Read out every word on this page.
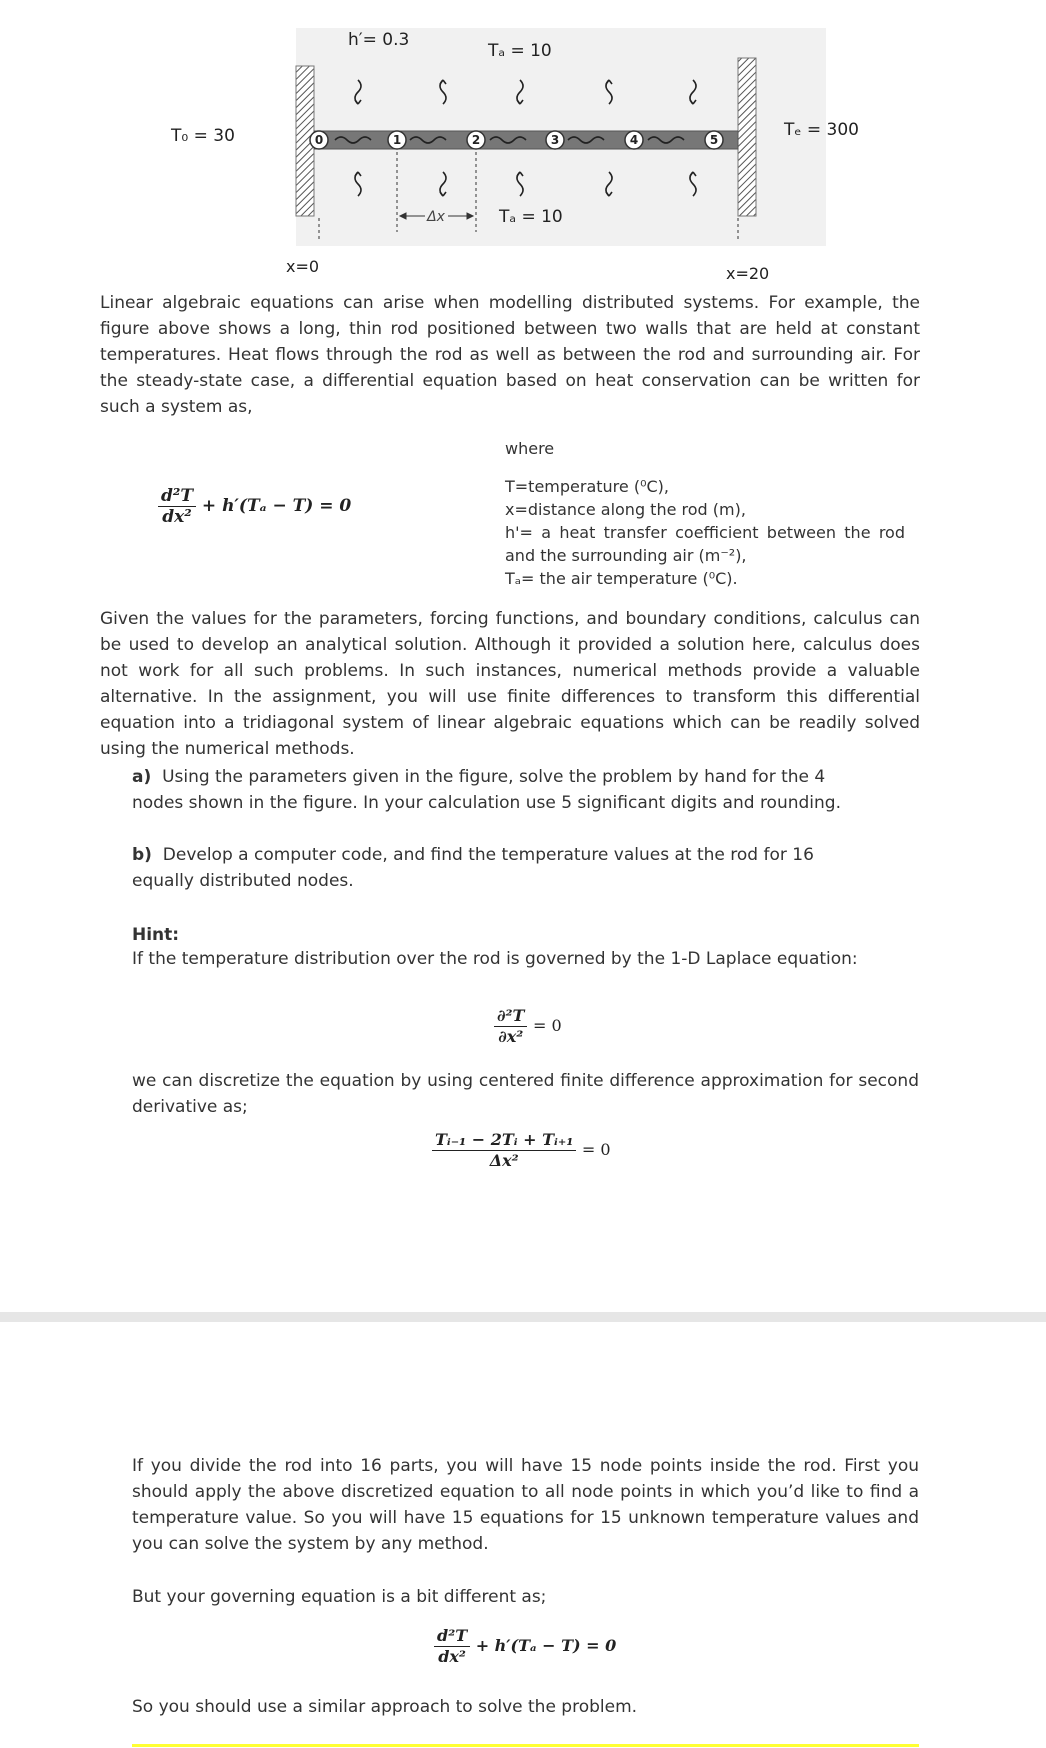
0	1	2	3	4	5
Δx
h′= 0.3
Tₐ = 10
Tₐ = 10
T₀ = 30	Tₑ = 300
x=0	x=20
Linear algebraic equations can arise when modelling distributed systems. For example, the figure above shows a long, thin rod positioned between two walls that are held at constant temperatures. Heat flows through the rod as well as between the rod and surrounding air. For the steady-state case, a differential equation based on heat conservation can be written for such a system as,
$\frac{\text{d²T}}{\text{dx²}} + h'(T_a - T) = 0$
where
T=temperature (⁰C),
x=distance along the rod (m),
h'= a heat transfer coefficient between the rod and the surrounding air (m⁻²),
Tₐ= the air temperature (⁰C).
Given the values for the parameters, forcing functions, and boundary conditions, calculus can be used to develop an analytical solution. Although it provided a solution here, calculus does not work for all such problems. In such instances, numerical methods provide a valuable alternative. In the assignment, you will use finite differences to transform this differential equation into a tridiagonal system of linear algebraic equations which can be readily solved using the numerical methods.
a) Using the parameters given in the figure, solve the problem by hand for the 4 nodes shown in the figure. In your calculation use 5 significant digits and rounding.
b) Develop a computer code, and find the temperature values at the rod for 16 equally distributed nodes.
Hint:
If the temperature distribution over the rod is governed by the 1-D Laplace equation:
$\frac{\text{∂²T}}{\text{∂x²}} = 0$
we can discretize the equation by using centered finite difference approximation for second derivative as;
$\frac{\text{Tᵢ₋₁ − 2Tᵢ + Tᵢ₊₁}}{\text{Δx²}} = 0$
If you divide the rod into 16 parts, you will have 15 node points inside the rod. First you should apply the above discretized equation to all node points in which you’d like to find a temperature value. So you will have 15 equations for 15 unknown temperature values and you can solve the system by any method.
But your governing equation is a bit different as;
$\frac{\text{d²T}}{\text{dx²}} + h'(T_a - T) = 0$
So you should use a similar approach to solve the problem.
